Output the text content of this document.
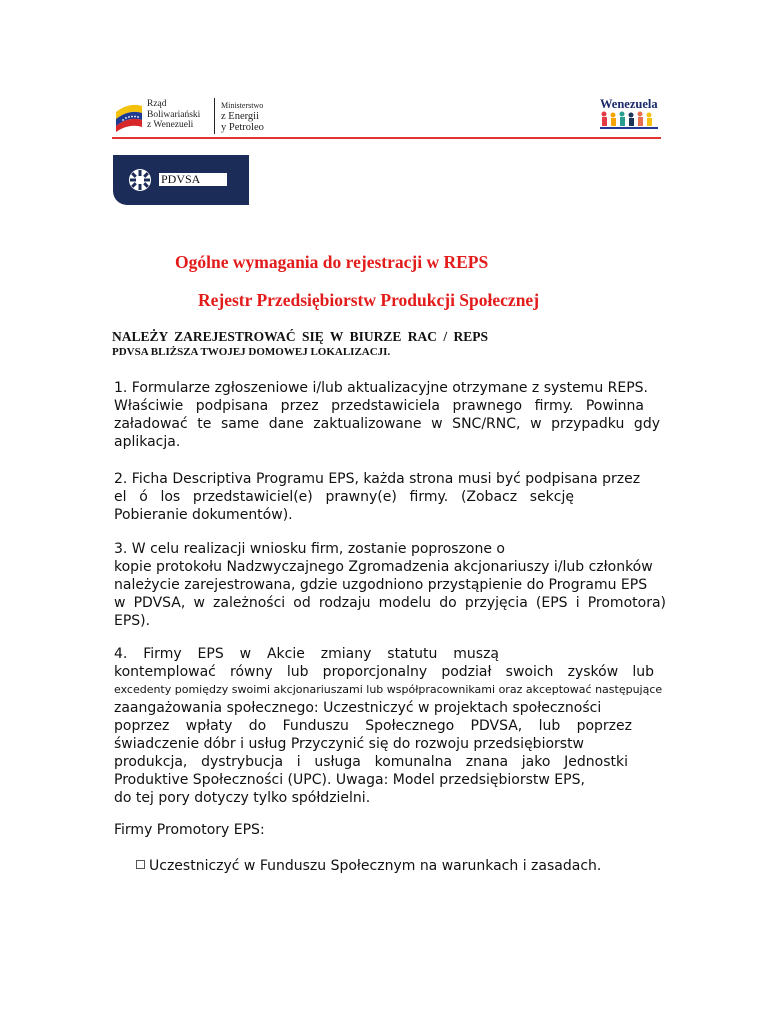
Rząd
Boliwariański
z Wenezueli
Ministerstwo
z Energii
y Petroleo
Wenezuela
PDVSA
Ogólne wymagania do rejestracji w REPS
Rejestr Przedsiębiorstw Produkcji Społecznej
NALEŻY ZAREJESTROWAĆ SIĘ W BIURZE RAC / REPS
PDVSA BLIŻSZA TWOJEJ DOMOWEJ LOKALIZACJI.
1. Formularze zgłoszeniowe i/lub aktualizacyjne otrzymane z systemu REPS.
Właściwie podpisana przez przedstawiciela prawnego firmy. Powinna
załadować te same dane zaktualizowane w SNC/RNC, w przypadku gdy
aplikacja.
2. Ficha Descriptiva Programu EPS, każda strona musi być podpisana przez
el ó los przedstawiciel(e) prawny(e) firmy. (Zobacz sekcję
Pobieranie dokumentów).
3. W celu realizacji wniosku firm, zostanie poproszone o
kopie protokołu Nadzwyczajnego Zgromadzenia akcjonariuszy i/lub członków
należycie zarejestrowana, gdzie uzgodniono przystąpienie do Programu EPS
w PDVSA, w zależności od rodzaju modelu do przyjęcia (EPS i Promotora)
EPS).
4. Firmy EPS w Akcie zmiany statutu muszą
kontemplować równy lub proporcjonalny podział swoich zysków lub
excedenty pomiędzy swoimi akcjonariuszami lub współpracownikami oraz akceptować następujące
zaangażowania społecznego: Uczestniczyć w projektach społeczności
poprzez wpłaty do Funduszu Społecznego PDVSA, lub poprzez
świadczenie dóbr i usług Przyczynić się do rozwoju przedsiębiorstw
produkcja, dystrybucja i usługa komunalna znana jako Jednostki
Produktive Społeczności (UPC). Uwaga: Model przedsiębiorstw EPS,
do tej pory dotyczy tylko spółdzielni.
Firmy Promotory EPS:
Uczestniczyć w Funduszu Społecznym na warunkach i zasadach.
